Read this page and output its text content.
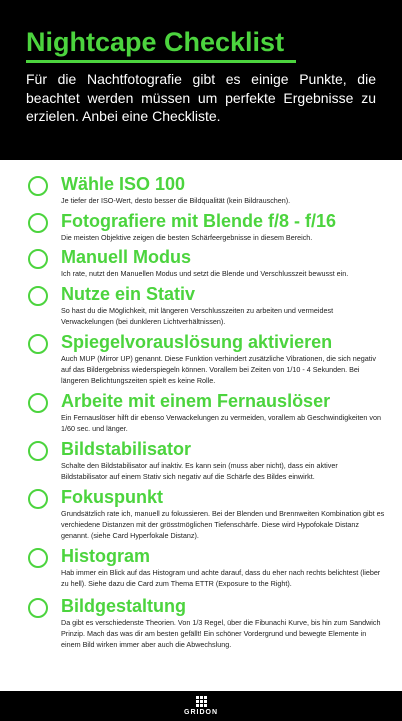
Nightcape Checklist
Für die Nachtfotografie gibt es einige Punkte, die beachtet werden müssen um perfekte Ergebnisse zu erzielen. Anbei eine Checkliste.
Wähle ISO 100
Je tiefer der ISO-Wert, desto besser die Bildqualität (kein Bildrauschen).
Fotografiere mit Blende f/8 - f/16
Die meisten Objektive zeigen die besten Schärfeergebnisse in diesem Bereich.
Manuell Modus
Ich rate, nutzt den Manuellen Modus und setzt die Blende und Verschlusszeit bewusst ein.
Nutze ein Stativ
So hast du die Möglichkeit, mit längeren Verschlusszeiten zu arbeiten und vermeidest Verwackelungen (bei dunkleren Lichtverhältnissen).
Spiegelvorauslösung aktivieren
Auch MUP (Mirror UP) genannt. Diese Funktion verhindert zusätzliche Vibrationen, die sich negativ auf das Bildergebniss wiederspiegeln können. Vorallem bei Zeiten von 1/10 - 4 Sekunden. Bei längeren Belichtungszeiten spielt es keine Rolle.
Arbeite mit einem Fernauslöser
Ein Fernauslöser hilft dir ebenso Verwackelungen zu vermeiden, vorallem ab Geschwindigkeiten von 1/60 sec. und länger.
Bildstabilisator
Schalte den Bildstabilisator auf inaktiv. Es kann sein (muss aber nicht), dass ein aktiver Bildstabilisator auf einem Stativ sich negativ auf die Schärfe des Bildes einwirkt.
Fokuspunkt
Grundsätzlich rate ich, manuell zu fokussieren. Bei der Blenden und Brennweiten Kombination gibt es verchiedene Distanzen mit der grösstmöglichen Tiefenschärfe. Diese wird Hypofokale Distanz genannt. (siehe Card Hyperfokale Distanz).
Histogram
Hab immer ein Blick auf das Histogram und achte darauf, dass du eher nach rechts belichtest (lieber zu hell). Siehe dazu die Card zum Thema ETTR (Exposure to the Right).
Bildgestaltung
Da gibt es verschiedenste Theorien. Von 1/3 Regel, über die Fibunachi Kurve, bis hin zum Sandwich Prinzip. Mach das was dir am besten gefällt! Ein schöner Vordergrund und bewegte Elemente in einem Bild wirken immer aber auch die Abwechslung.
GRIDON
